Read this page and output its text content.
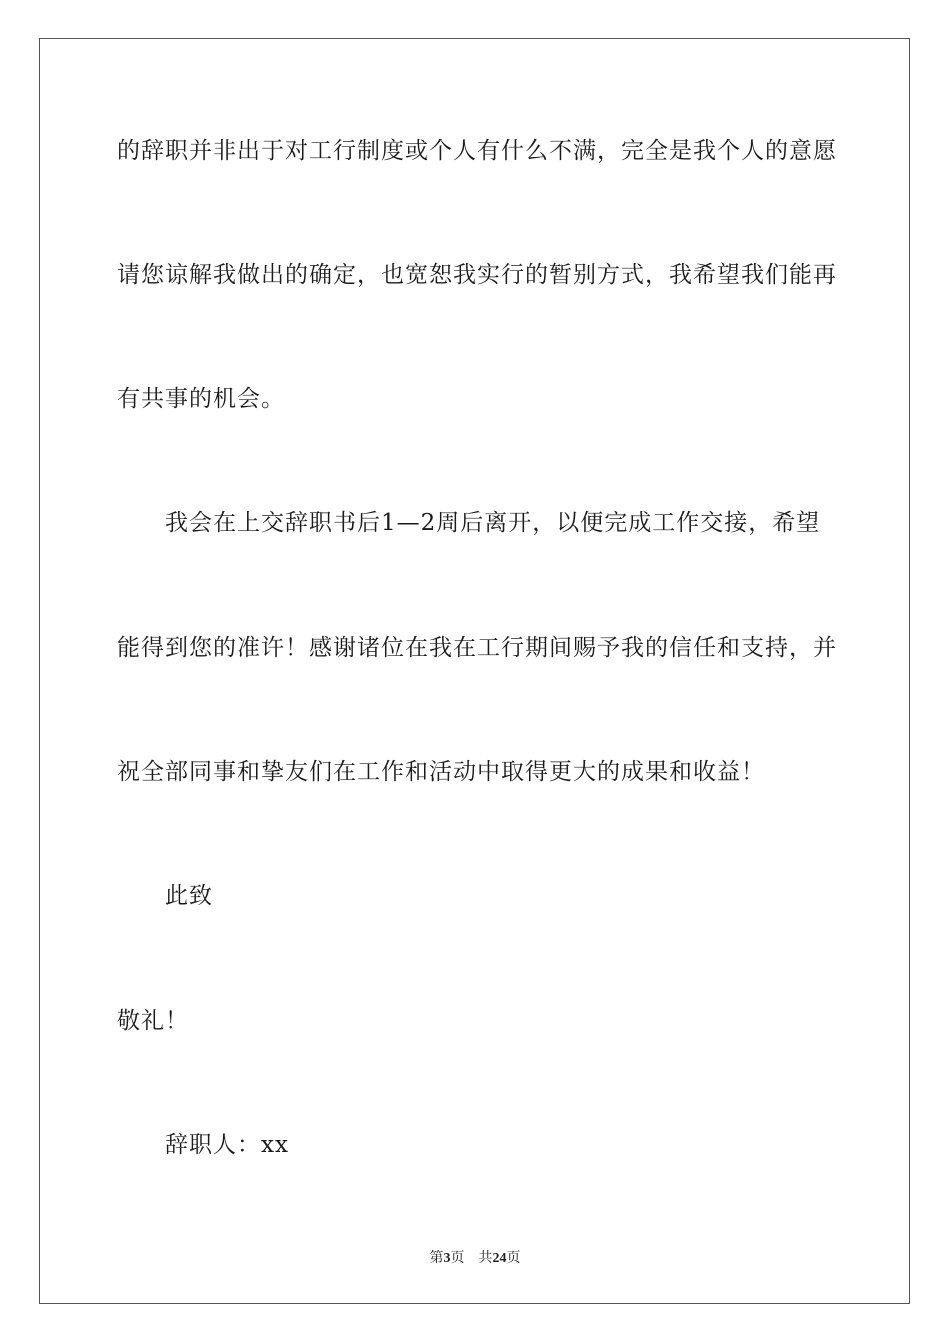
的辞职并非出于对工行制度或个人有什么不满，完全是我个人的意愿
请您谅解我做出的确定，也宽恕我实行的暂别方式，我希望我们能再
有共事的机会。
我会在上交辞职书后1—2周后离开，以便完成工作交接，希望
能得到您的准许！感谢诸位在我在工行期间赐予我的信任和支持，并
祝全部同事和挚友们在工作和活动中取得更大的成果和收益！
此致
敬礼！
辞职人：xx
第3页 共24页
